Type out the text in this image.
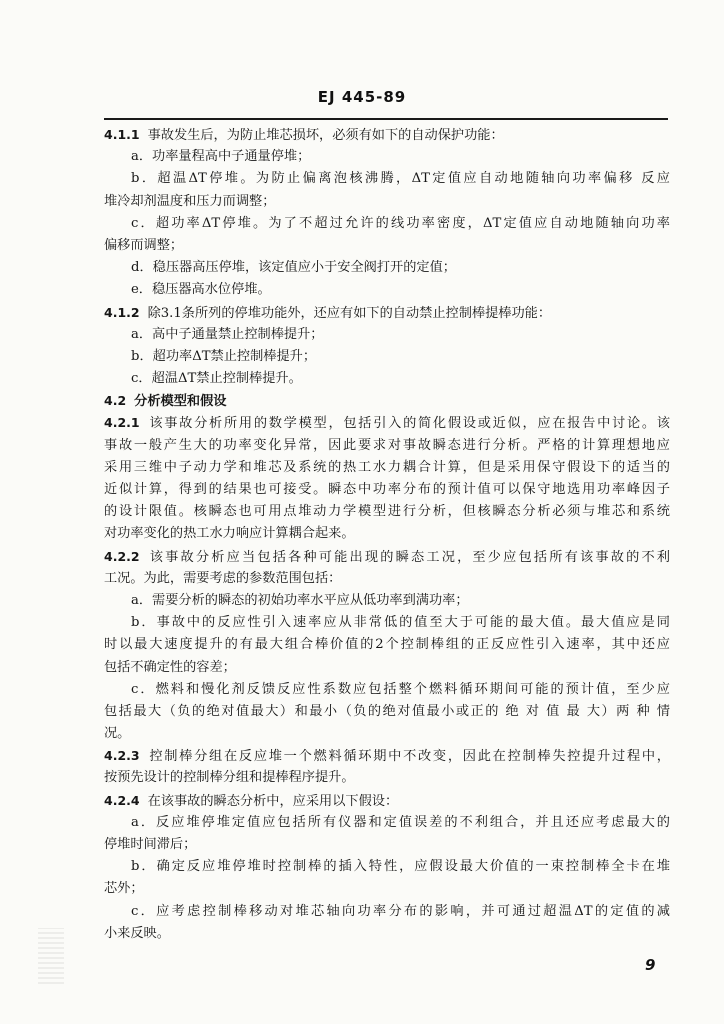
EJ 445-89
4.1.1 事故发生后，为防止堆芯损坏，必须有如下的自动保护功能：
a．功率量程高中子通量停堆；
b．超温ΔT停堆。为防止偏离泡核沸腾，ΔT定值应自动地随轴向功率偏移 反应
堆冷却剂温度和压力而调整；
c．超功率ΔT停堆。为了不超过允许的线功率密度，ΔT定值应自动地随轴向功率
偏移而调整；
d．稳压器高压停堆，该定值应小于安全阀打开的定值；
e．稳压器高水位停堆。
4.1.2 除3.1条所列的停堆功能外，还应有如下的自动禁止控制棒提棒功能：
a．高中子通量禁止控制棒提升；
b．超功率ΔT禁止控制棒提升；
c．超温ΔT禁止控制棒提升。
4.2 分析模型和假设
4.2.1 该事故分析所用的数学模型，包括引入的简化假设或近似，应在报告中讨论。该
事故一般产生大的功率变化异常，因此要求对事故瞬态进行分析。严格的计算理想地应
采用三维中子动力学和堆芯及系统的热工水力耦合计算，但是采用保守假设下的适当的
近似计算，得到的结果也可接受。瞬态中功率分布的预计值可以保守地选用功率峰因子
的设计限值。核瞬态也可用点堆动力学模型进行分析，但核瞬态分析必须与堆芯和系统
对功率变化的热工水力响应计算耦合起来。
4.2.2 该事故分析应当包括各种可能出现的瞬态工况，至少应包括所有该事故的不利
工况。为此，需要考虑的参数范围包括：
a．需要分析的瞬态的初始功率水平应从低功率到满功率；
b．事故中的反应性引入速率应从非常低的值至大于可能的最大值。最大值应是同
时以最大速度提升的有最大组合棒价值的2个控制棒组的正反应性引入速率，其中还应
包括不确定性的容差；
c．燃料和慢化剂反馈反应性系数应包括整个燃料循环期间可能的预计值，至少应
包括最大（负的绝对值最大）和最小（负的绝对值最小或正的 绝 对 值 最 大）两 种 情
况。
4.2.3 控制棒分组在反应堆一个燃料循环期中不改变，因此在控制棒失控提升过程中，
按预先设计的控制棒分组和提棒程序提升。
4.2.4 在该事故的瞬态分析中，应采用以下假设：
a．反应堆停堆定值应包括所有仪器和定值误差的不利组合，并且还应考虑最大的
停堆时间滞后；
b．确定反应堆停堆时控制棒的插入特性，应假设最大价值的一束控制棒全卡在堆
芯外；
c．应考虑控制棒移动对堆芯轴向功率分布的影响，并可通过超温ΔT的定值的减
小来反映。
9
